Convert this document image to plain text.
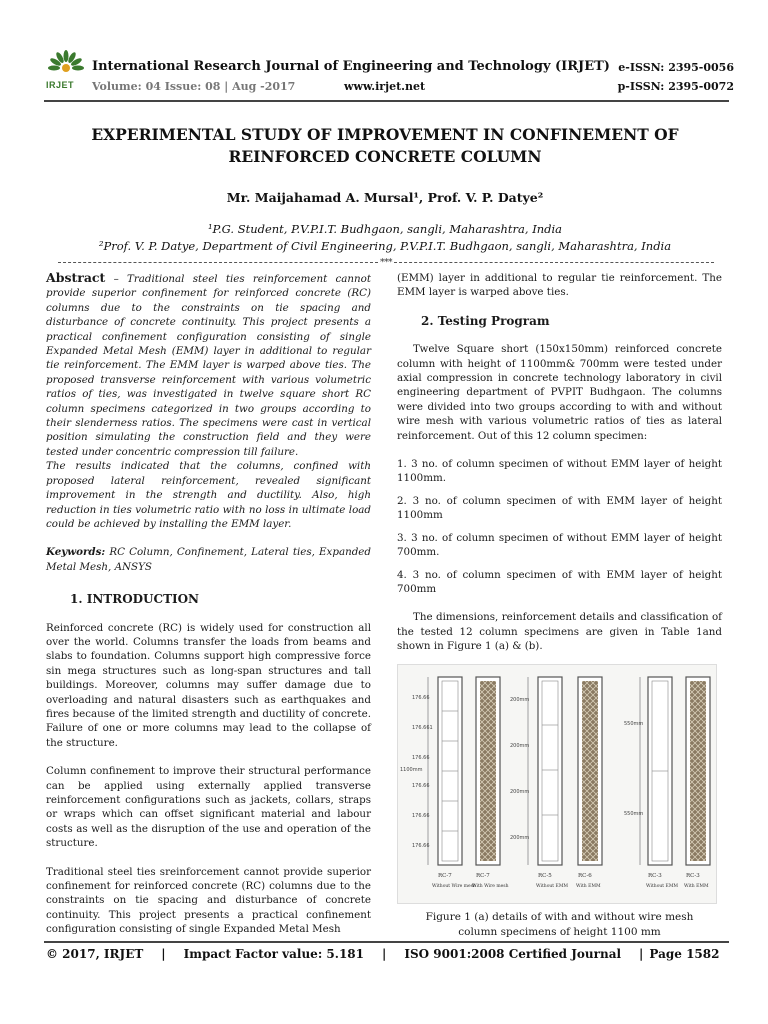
IRJET
International Research Journal of Engineering and Technology (IRJET)
Volume: 04 Issue: 08 | Aug -2017	www.irjet.net
e-ISSN: 2395-0056
p-ISSN: 2395-0072
EXPERIMENTAL STUDY OF IMPROVEMENT IN CONFINEMENT OF
REINFORCED CONCRETE COLUMN
Mr. Maijahamad A. Mursal¹, Prof. V. P. Datye²
¹P.G. Student, P.V.P.I.T. Budhgaon, sangli, Maharashtra, India
²Prof. V. P. Datye, Department of Civil Engineering, P.V.P.I.T. Budhgaon, sangli, Maharashtra, India
***

Abstract – Traditional steel ties reinforcement cannot provide superior confinement for reinforced concrete (RC) columns due to the constraints on tie spacing and disturbance of concrete continuity. This project presents a practical confinement configuration consisting of single Expanded Metal Mesh (EMM) layer in additional to regular tie reinforcement. The EMM layer is warped above ties. The proposed transverse reinforcement with various volumetric ratios of ties, was investigated in twelve square short RC column specimens categorized in two groups according to their slenderness ratios. The specimens were cast in vertical position simulating the construction field and they were tested under concentric compression till failure.

The results indicated that the columns, confined with proposed lateral reinforcement, revealed significant improvement in the strength and ductility. Also, high reduction in ties volumetric ratio with no loss in ultimate load could be achieved by installing the EMM layer.

Keywords: RC Column, Confinement, Lateral ties, Expanded Metal Mesh, ANSYS

1. INTRODUCTION

Reinforced concrete (RC) is widely used for construction all over the world. Columns transfer the loads from beams and slabs to foundation. Columns support high compressive force sin mega structures such as long-span structures and tall buildings. Moreover, columns may suffer damage due to overloading and natural disasters such as earthquakes and fires because of the limited strength and ductility of concrete. Failure of one or more columns may lead to the collapse of the structure.

Column confinement to improve their structural performance can be applied using externally applied transverse reinforcement configurations such as jackets, collars, straps or wraps which can offset significant material and labour costs as well as the disruption of the use and operation of the structure.

Traditional steel ties sreinforcement cannot provide superior confinement for reinforced concrete (RC) columns due to the constraints on tie spacing and disturbance of concrete continuity. This project presents a practical confinement configuration consisting of single Expanded Metal Mesh

(EMM) layer in additional to regular tie reinforcement. The EMM layer is warped above ties.

2. Testing Program

Twelve Square short (150x150mm) reinforced concrete column with height of 1100mm& 700mm were tested under axial compression in concrete technology laboratory in civil engineering department of PVPIT Budhgaon. The columns were divided into two groups according to with and without wire mesh with various volumetric ratios of ties as lateral reinforcement. Out of this 12 column specimen:

1. 3 no. of column specimen of without EMM layer of height 1100mm.

2. 3 no. of column specimen of with EMM layer of height 1100mm

3. 3 no. of column specimen of without EMM layer of height 700mm.

4. 3 no. of column specimen of with EMM layer of height 700mm

The dimensions, reinforcement details and classification of the tested 12 column specimens are given in Table 1and shown in Figure 1 (a) & (b).

176.66
176.661
176.66
1100mm
176.66
176.66
176.66
RC-7
Without Wire mesh
RC-7
With Wire mesh
200mm
200mm
200mm
200mm
RC-5
Without EMM
RC-6
With EMM
550mm
550mm
RC-3
Without EMM
RC-3
With EMM
Figure 1 (a) details of with and without wire mesh
column specimens of height 1100 mm
© 2017, IRJET | Impact Factor value: 5.181 | ISO 9001:2008 Certified Journal | Page 1582
